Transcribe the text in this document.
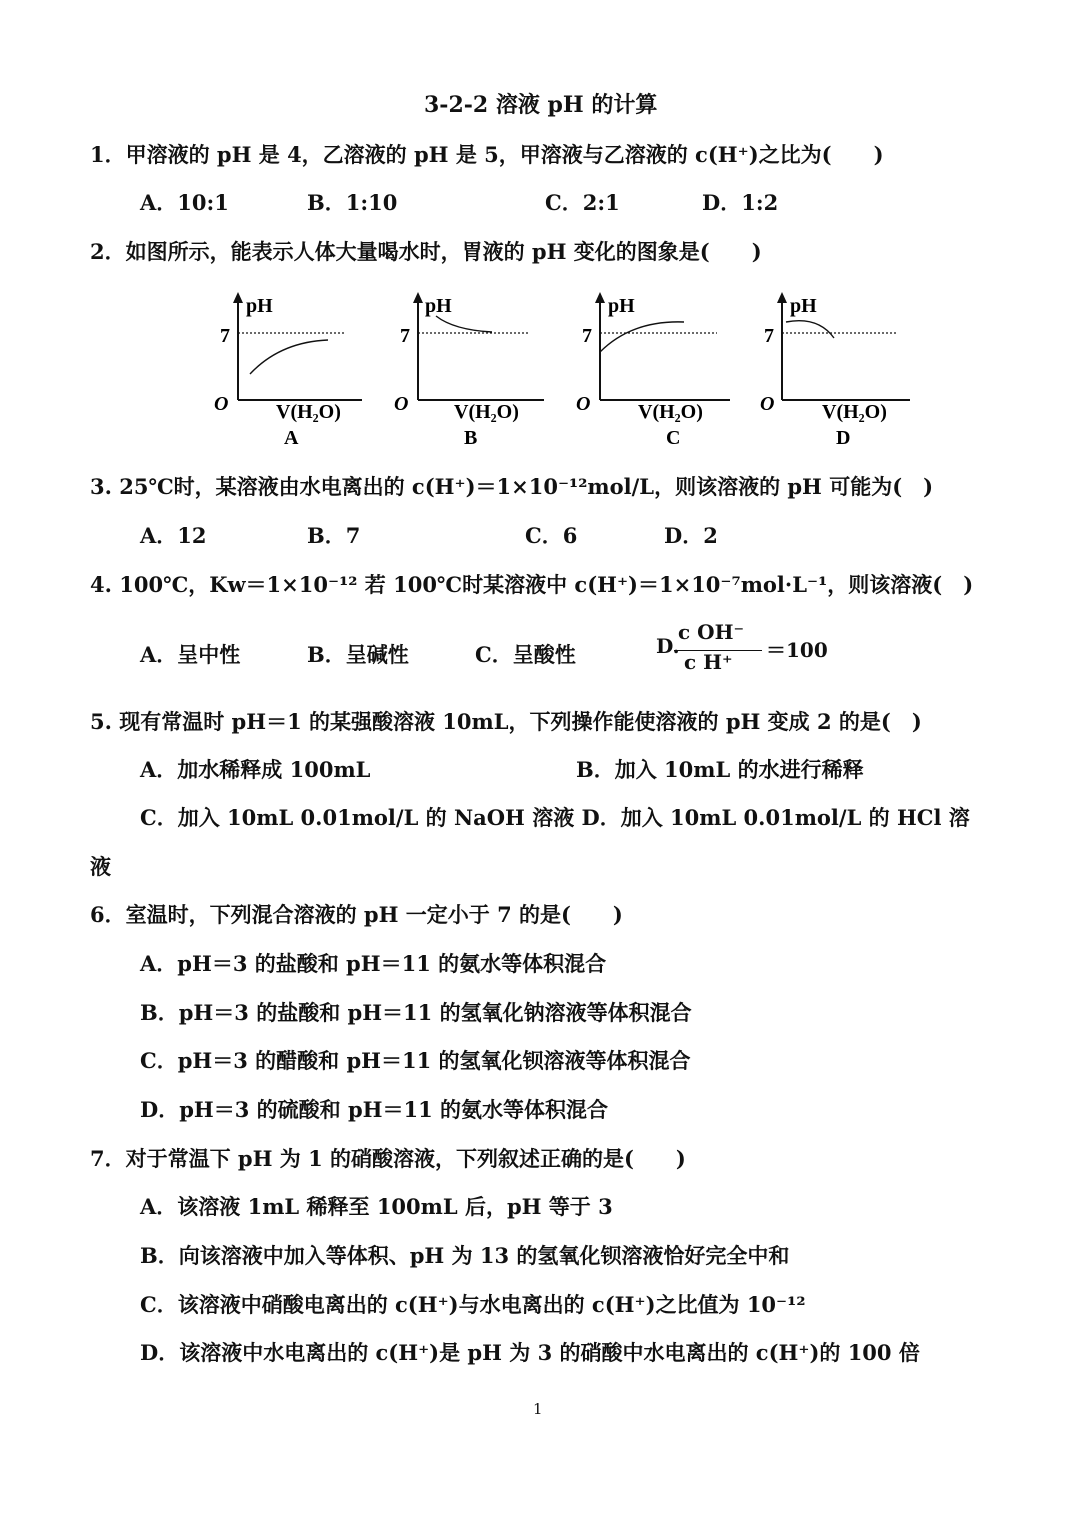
3-2-2 溶液 pH 的计算
1．甲溶液的 pH 是 4，乙溶液的 pH 是 5，甲溶液与乙溶液的 c(H⁺)之比为(　　)
A．10:1	B．1:10	C．2:1	D．1:2
2．如图所示，能表示人体大量喝水时，胃液的 pH 变化的图象是(　　)
pH
7
O V(H₂O)
A
pH
7
O V(H₂O)
B
pH
7
O V(H₂O)
C
pH
7
O V(H₂O)
D
3. 25℃时，某溶液由水电离出的 c(H⁺)＝1×10⁻¹²mol/L，则该溶液的 pH 可能为(　)
A．12	B．7	C．6	D．2
4. 100℃，Kw＝1×10⁻¹² 若 100℃时某溶液中 c(H⁺)＝1×10⁻⁷mol·L⁻¹，则该溶液(　)
A．呈中性	B．呈碱性	C．呈酸性	D.
c OH⁻
c H⁺ ＝100
5. 现有常温时 pH＝1 的某强酸溶液 10mL，下列操作能使溶液的 pH 变成 2 的是(　)
A．加水稀释成 100mL	B．加入 10mL 的水进行稀释
C．加入 10mL 0.01mol/L 的 NaOH 溶液 D．加入 10mL 0.01mol/L 的 HCl 溶
液
6．室温时，下列混合溶液的 pH 一定小于 7 的是(　　)
A．pH＝3 的盐酸和 pH＝11 的氨水等体积混合
B．pH＝3 的盐酸和 pH＝11 的氢氧化钠溶液等体积混合
C．pH＝3 的醋酸和 pH＝11 的氢氧化钡溶液等体积混合
D．pH＝3 的硫酸和 pH＝11 的氨水等体积混合
7．对于常温下 pH 为 1 的硝酸溶液，下列叙述正确的是(　　)
A．该溶液 1mL 稀释至 100mL 后，pH 等于 3
B．向该溶液中加入等体积、pH 为 13 的氢氧化钡溶液恰好完全中和
C．该溶液中硝酸电离出的 c(H⁺)与水电离出的 c(H⁺)之比值为 10⁻¹²
D．该溶液中水电离出的 c(H⁺)是 pH 为 3 的硝酸中水电离出的 c(H⁺)的 100 倍
1
